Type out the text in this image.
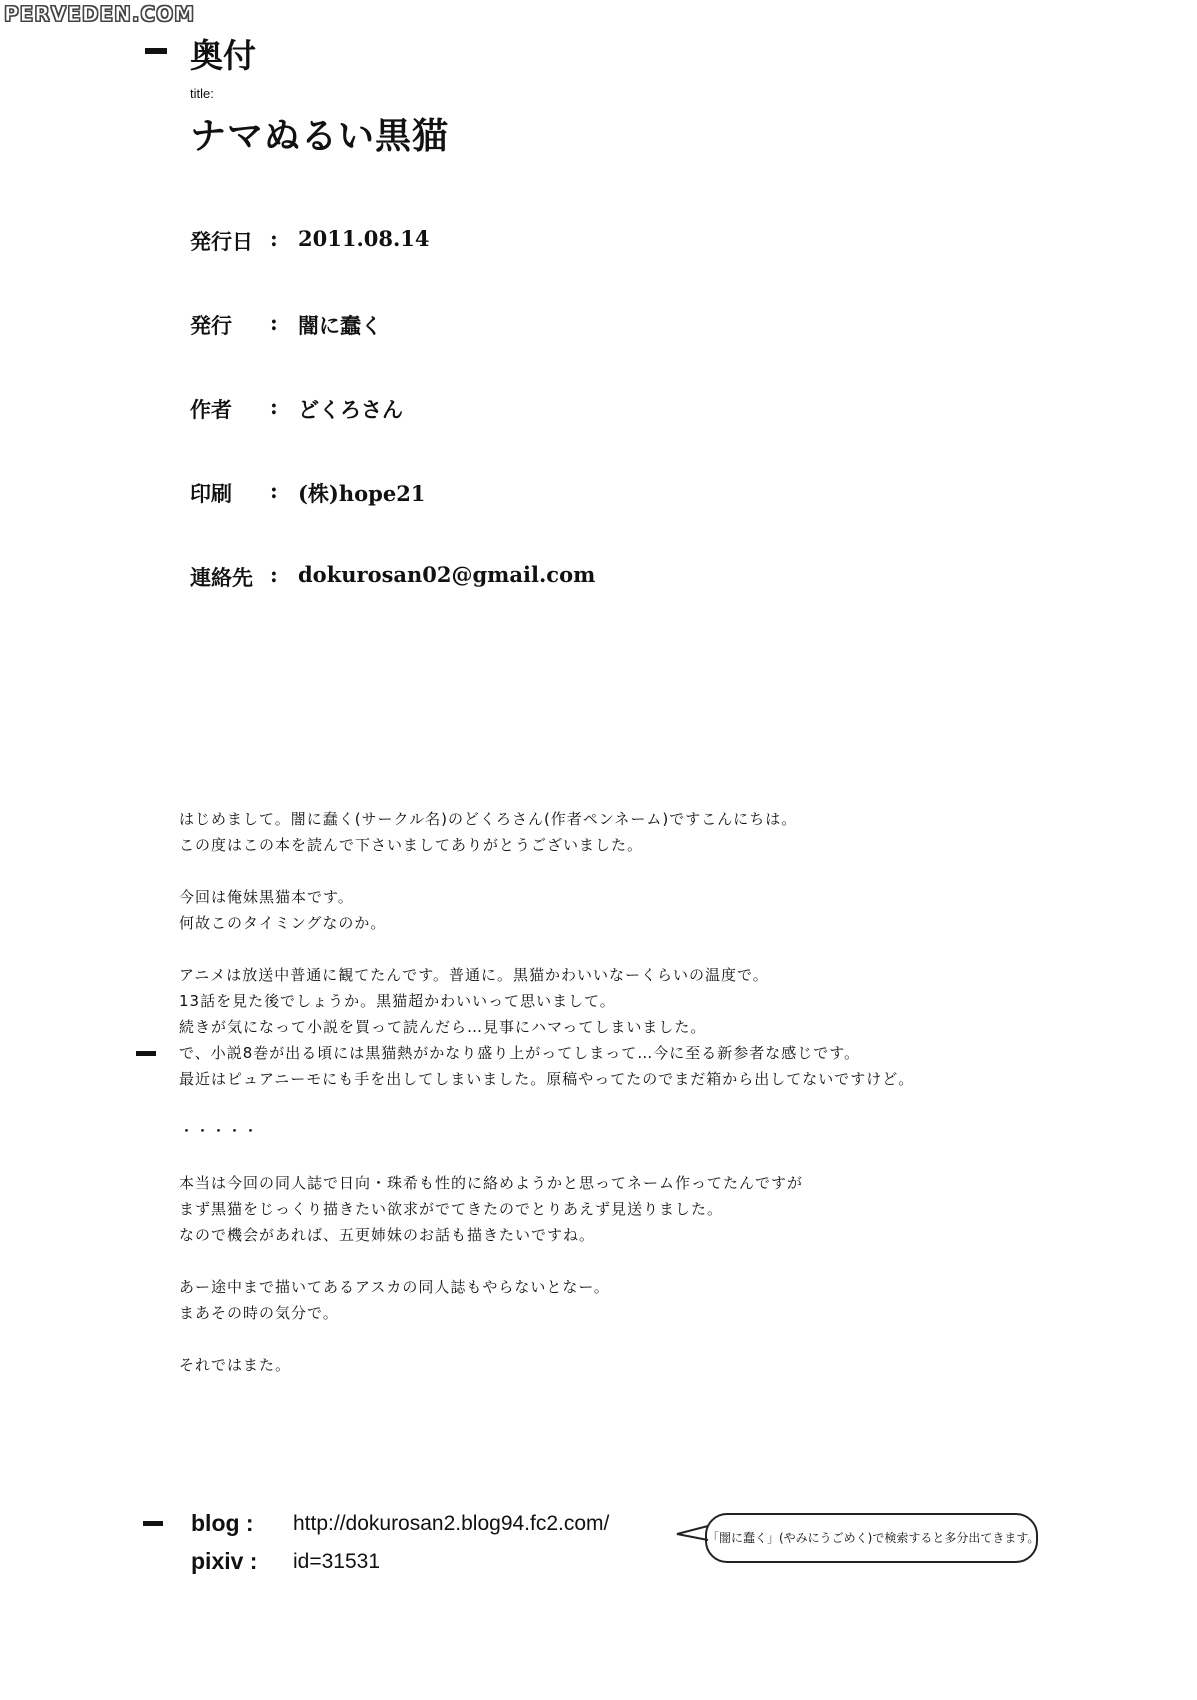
PERVEDEN.COM
奥付
title:
ナマぬるい黒猫
発行日 : 2011.08.14
発行 : 闇に蠢く
作者 : どくろさん
印刷 : (株)hope21
連絡先 : dokurosan02@gmail.com

はじめまして。闇に蠢く(サークル名)のどくろさん(作者ペンネーム)ですこんにちは。

この度はこの本を読んで下さいましてありがとうございました。

今回は俺妹黒猫本です。

何故このタイミングなのか。

アニメは放送中普通に観てたんです。普通に。黒猫かわいいなーくらいの温度で。

13話を見た後でしょうか。黒猫超かわいいって思いまして。

続きが気になって小説を買って読んだら…見事にハマってしまいました。

で、小説8巻が出る頃には黒猫熱がかなり盛り上がってしまって…今に至る新参者な感じです。

最近はピュアニーモにも手を出してしまいました。原稿やってたのでまだ箱から出してないですけど。

・・・・・

本当は今回の同人誌で日向・珠希も性的に絡めようかと思ってネーム作ってたんですが

まず黒猫をじっくり描きたい欲求がでてきたのでとりあえず見送りました。

なので機会があれば、五更姉妹のお話も描きたいですね。

あー途中まで描いてあるアスカの同人誌もやらないとなー。

まあその時の気分で。

それではまた。

blog : http://dokurosan2.blog94.fc2.com/
pixiv : id=31531
「闇に蠢く」(やみにうごめく)で検索すると多分出てきます。
